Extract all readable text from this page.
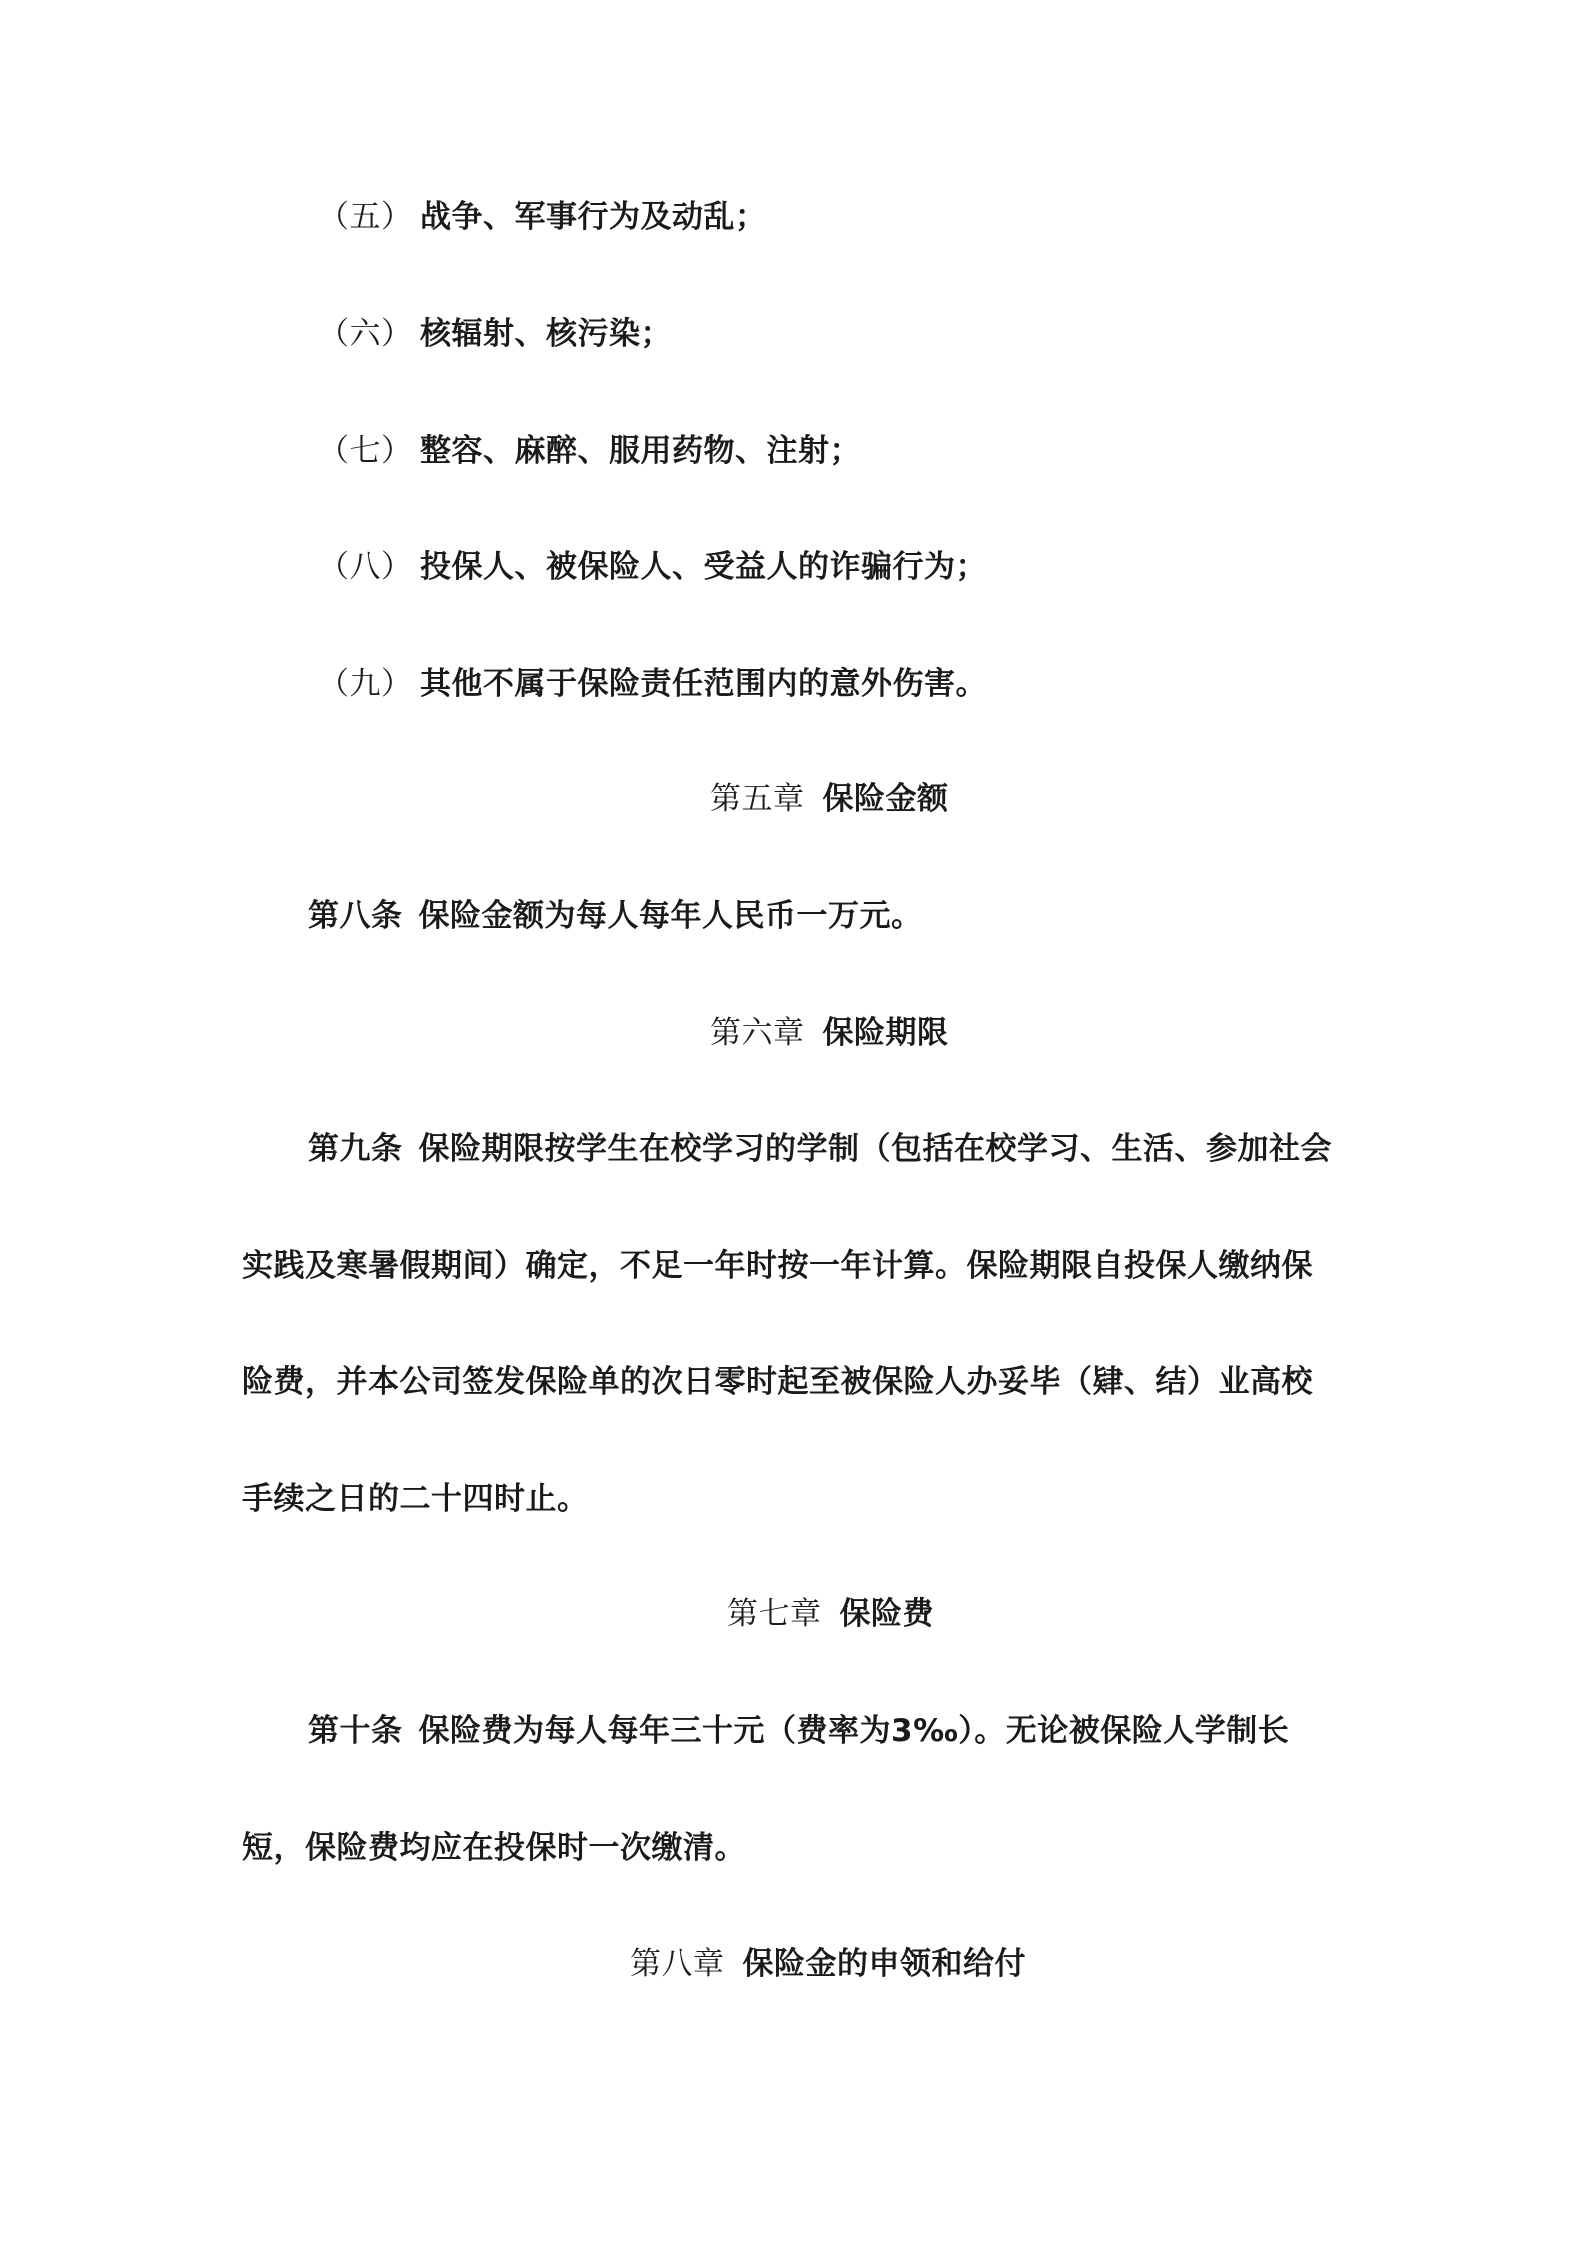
（五） 战争、军事行为及动乱；
（六） 核辐射、核污染；
（七） 整容、麻醉、服用药物、注射；
（八） 投保人、被保险人、受益人的诈骗行为；
（九） 其他不属于保险责任范围内的意外伤害。
第五章 保险金额
第八条 保险金额为每人每年人民币一万元。
第六章 保险期限
第九条 保险期限按学生在校学习的学制（包括在校学习、生活、参加社会
实践及寒暑假期间）确定，不足一年时按一年计算。保险期限自投保人缴纳保
险费，并本公司签发保险单的次日零时起至被保险人办妥毕（肄、结）业高校
手续之日的二十四时止。
第七章 保险费
第十条 保险费为每人每年三十元（费率为3‰）。无论被保险人学制长
短，保险费均应在投保时一次缴清。
第八章 保险金的申领和给付
